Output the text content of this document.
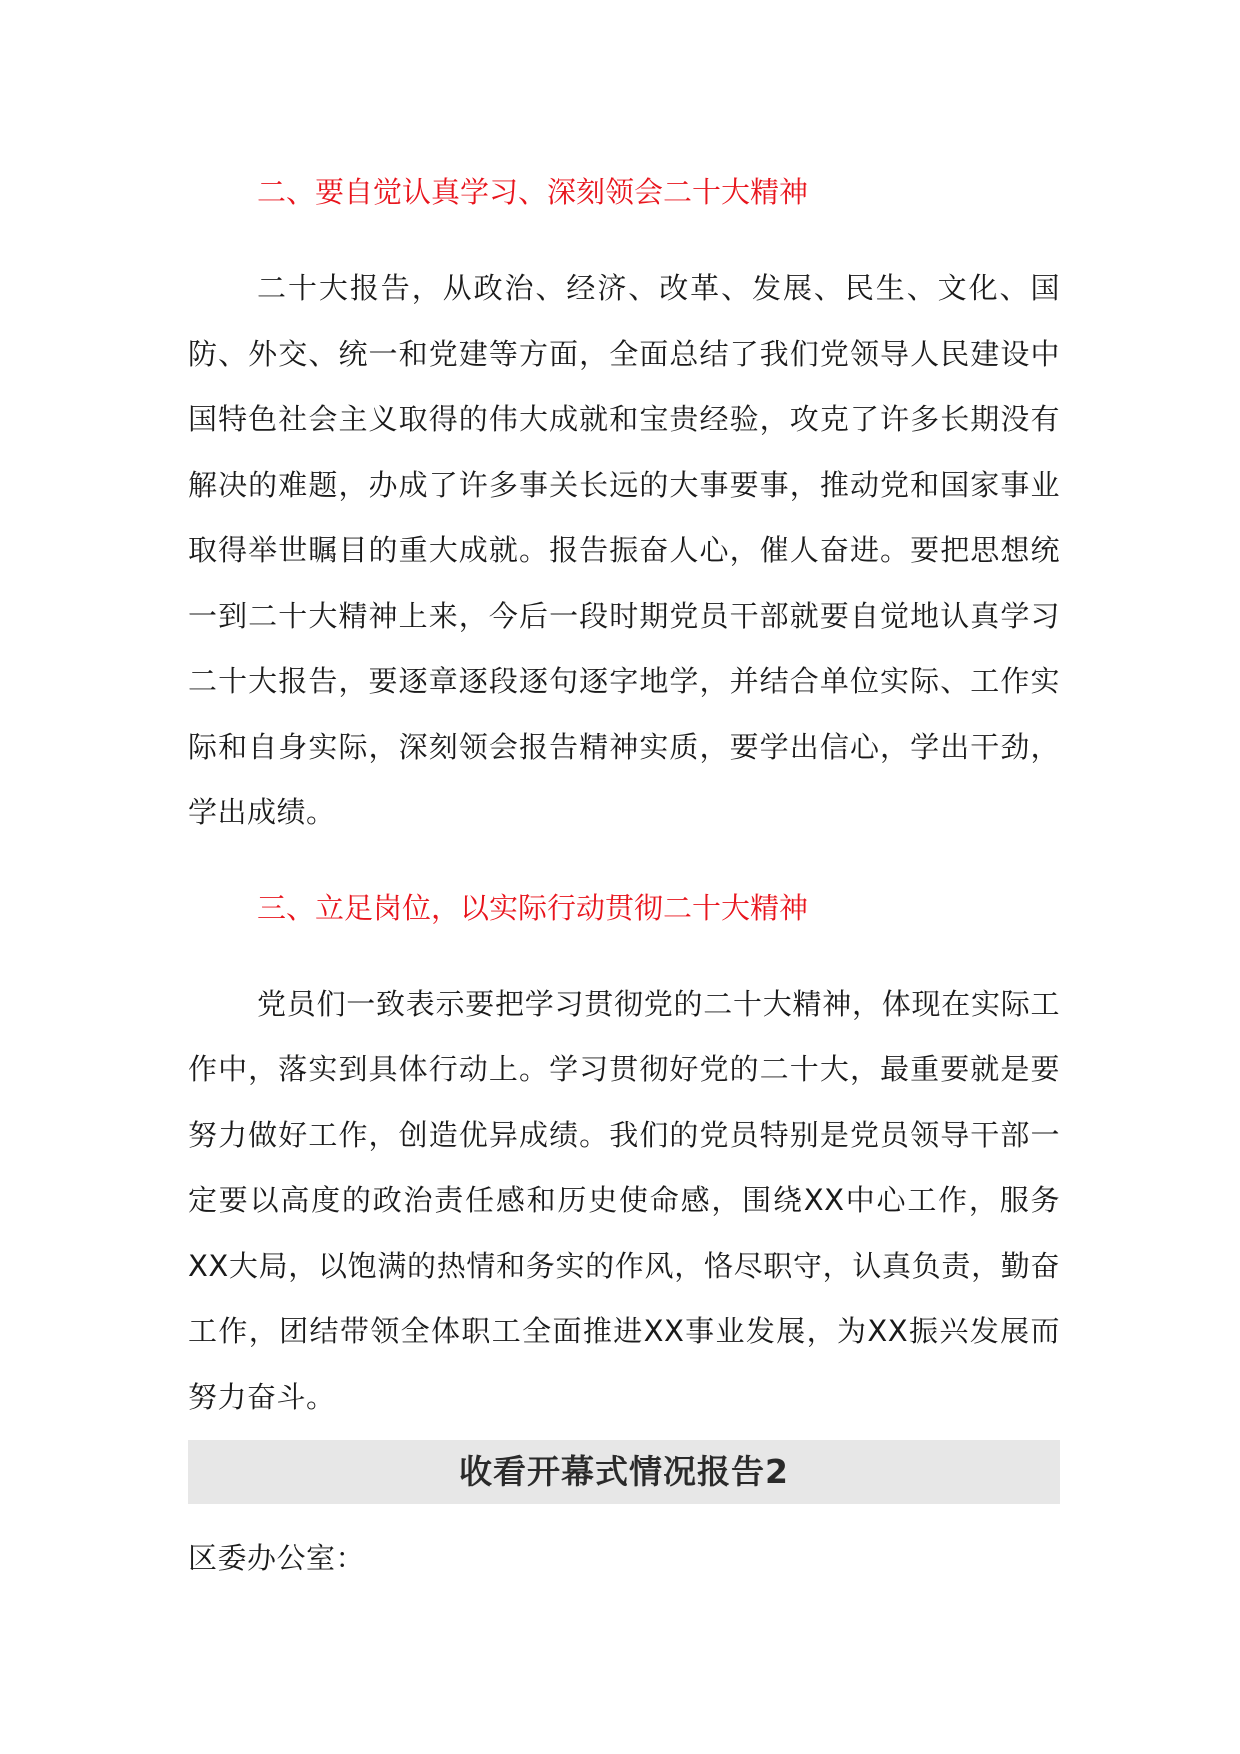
二、要自觉认真学习、深刻领会二十大精神

二十大报告，从政治、经济、改革、发展、民生、文化、国防、外交、统一和党建等方面，全面总结了我们党领导人民建设中国特色社会主义取得的伟大成就和宝贵经验，攻克了许多长期没有解决的难题，办成了许多事关长远的大事要事，推动党和国家事业取得举世瞩目的重大成就。报告振奋人心，催人奋进。要把思想统一到二十大精神上来，今后一段时期党员干部就要自觉地认真学习二十大报告，要逐章逐段逐句逐字地学，并结合单位实际、工作实际和自身实际，深刻领会报告精神实质，要学出信心，学出干劲，学出成绩。

三、立足岗位，以实际行动贯彻二十大精神

党员们一致表示要把学习贯彻党的二十大精神，体现在实际工作中，落实到具体行动上。学习贯彻好党的二十大，最重要就是要努力做好工作，创造优异成绩。我们的党员特别是党员领导干部一定要以高度的政治责任感和历史使命感，围绕XX中心工作，服务XX大局，以饱满的热情和务实的作风，恪尽职守，认真负责，勤奋工作，团结带领全体职工全面推进XX事业发展，为XX振兴发展而努力奋斗。

收看开幕式情况报告2
区委办公室：
